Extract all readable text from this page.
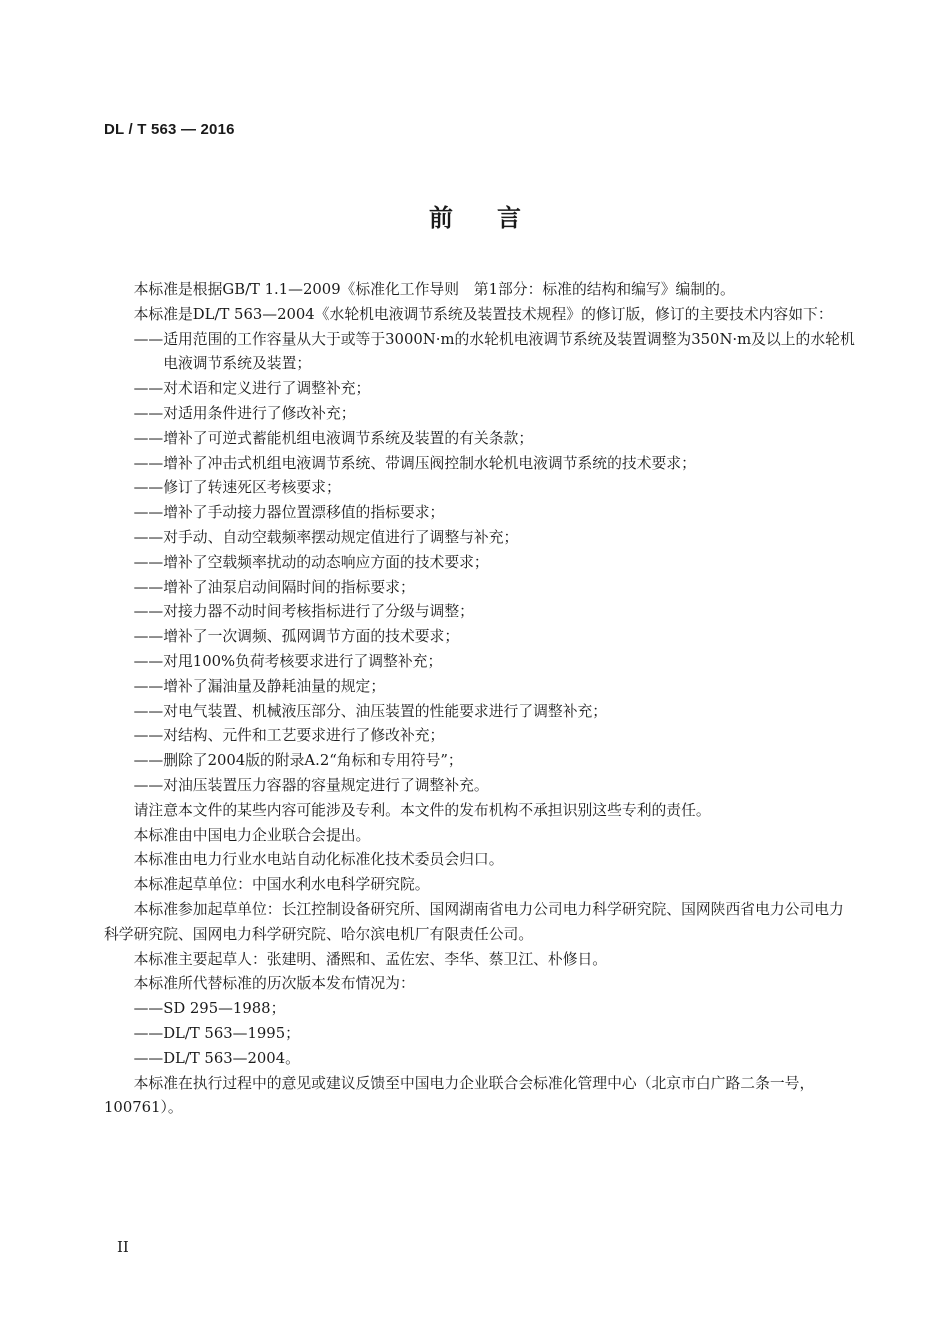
DL / T 563 — 2016
前 言

本标准是根据GB/T 1.1—2009《标准化工作导则　第1部分：标准的结构和编写》编制的。

本标准是DL/T 563—2004《水轮机电液调节系统及装置技术规程》的修订版，修订的主要技术内容如下：

——适用范围的工作容量从大于或等于3000N·m的水轮机电液调节系统及装置调整为350N·m及以上的水轮机电液调节系统及装置；

——对术语和定义进行了调整补充；

——对适用条件进行了修改补充；

——增补了可逆式蓄能机组电液调节系统及装置的有关条款；

——增补了冲击式机组电液调节系统、带调压阀控制水轮机电液调节系统的技术要求；

——修订了转速死区考核要求；

——增补了手动接力器位置漂移值的指标要求；

——对手动、自动空载频率摆动规定值进行了调整与补充；

——增补了空载频率扰动的动态响应方面的技术要求；

——增补了油泵启动间隔时间的指标要求；

——对接力器不动时间考核指标进行了分级与调整；

——增补了一次调频、孤网调节方面的技术要求；

——对甩100%负荷考核要求进行了调整补充；

——增补了漏油量及静耗油量的规定；

——对电气装置、机械液压部分、油压装置的性能要求进行了调整补充；

——对结构、元件和工艺要求进行了修改补充；

——删除了2004版的附录A.2“角标和专用符号”；

——对油压装置压力容器的容量规定进行了调整补充。

请注意本文件的某些内容可能涉及专利。本文件的发布机构不承担识别这些专利的责任。

本标准由中国电力企业联合会提出。

本标准由电力行业水电站自动化标准化技术委员会归口。

本标准起草单位：中国水利水电科学研究院。

本标准参加起草单位：长江控制设备研究所、国网湖南省电力公司电力科学研究院、国网陕西省电力公司电力科学研究院、国网电力科学研究院、哈尔滨电机厂有限责任公司。

本标准主要起草人：张建明、潘熙和、孟佐宏、李华、蔡卫江、朴修日。

本标准所代替标准的历次版本发布情况为：

——SD 295—1988；

——DL/T 563—1995；

——DL/T 563—2004。

本标准在执行过程中的意见或建议反馈至中国电力企业联合会标准化管理中心（北京市白广路二条一号，100761）。

II
